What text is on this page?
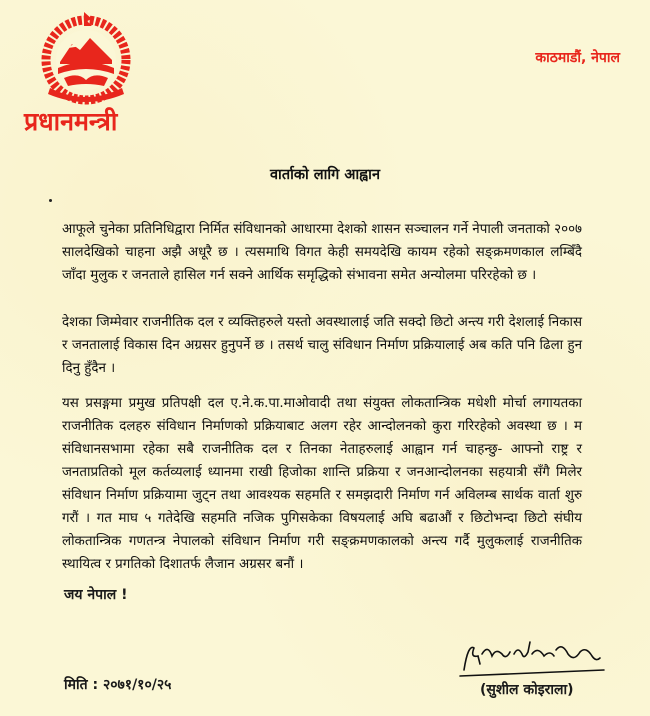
प्रधानमन्त्री
काठमाडौं, नेपाल
वार्ताको लागि आह्वान

आफूले चुनेका प्रतिनिधिद्वारा निर्मित संविधानको आधारमा देशको शासन सञ्चालन गर्ने नेपाली जनताको २००७ सालदेखिको चाहना अझै अधूरै छ । त्यसमाथि विगत केही समयदेखि कायम रहेको सङ्क्रमणकाल लम्बिँदै जाँदा मुलुक र जनताले हासिल गर्न सक्ने आर्थिक समृद्धिको संभावना समेत अन्योलमा परिरहेको छ ।

देशका जिम्मेवार राजनीतिक दल र व्यक्तिहरुले यस्तो अवस्थालाई जति सक्दो छिटो अन्त्य गरी देशलाई निकास र जनतालाई विकास दिन अग्रसर हुनुपर्ने छ । तसर्थ चालु संविधान निर्माण प्रक्रियालाई अब कति पनि ढिला हुन दिनु हुँदैन ।

यस प्रसङ्गमा प्रमुख प्रतिपक्षी दल ए.ने.क.पा.माओवादी तथा संयुक्त लोकतान्त्रिक मधेशी मोर्चा लगायतका राजनीतिक दलहरु संविधान निर्माणको प्रक्रियाबाट अलग रहेर आन्दोलनको कुरा गरिरहेको अवस्था छ । म संविधानसभामा रहेका सबै राजनीतिक दल र तिनका नेताहरुलाई आह्वान गर्न चाहन्छु- आफ्नो राष्ट्र र जनताप्रतिको मूल कर्तव्यलाई ध्यानमा राखी हिजोका शान्ति प्रक्रिया र जनआन्दोलनका सहयात्री सँगै मिलेर संविधान निर्माण प्रक्रियामा जुट्न तथा आवश्यक सहमति र समझदारी निर्माण गर्न अविलम्ब सार्थक वार्ता शुरु गरौं । गत माघ ५ गतेदेखि सहमति नजिक पुगिसकेका विषयलाई अघि बढाऔं र छिटोभन्दा छिटो संघीय लोकतान्त्रिक गणतन्त्र नेपालको संविधान निर्माण गरी सङ्क्रमणकालको अन्त्य गर्दै मुलुकलाई राजनीतिक स्थायित्व र प्रगतिको दिशातर्फ लैजान अग्रसर बनौं ।

जय नेपाल !
मिति : २०७१/१०/२५	(सुशील कोइराला)
